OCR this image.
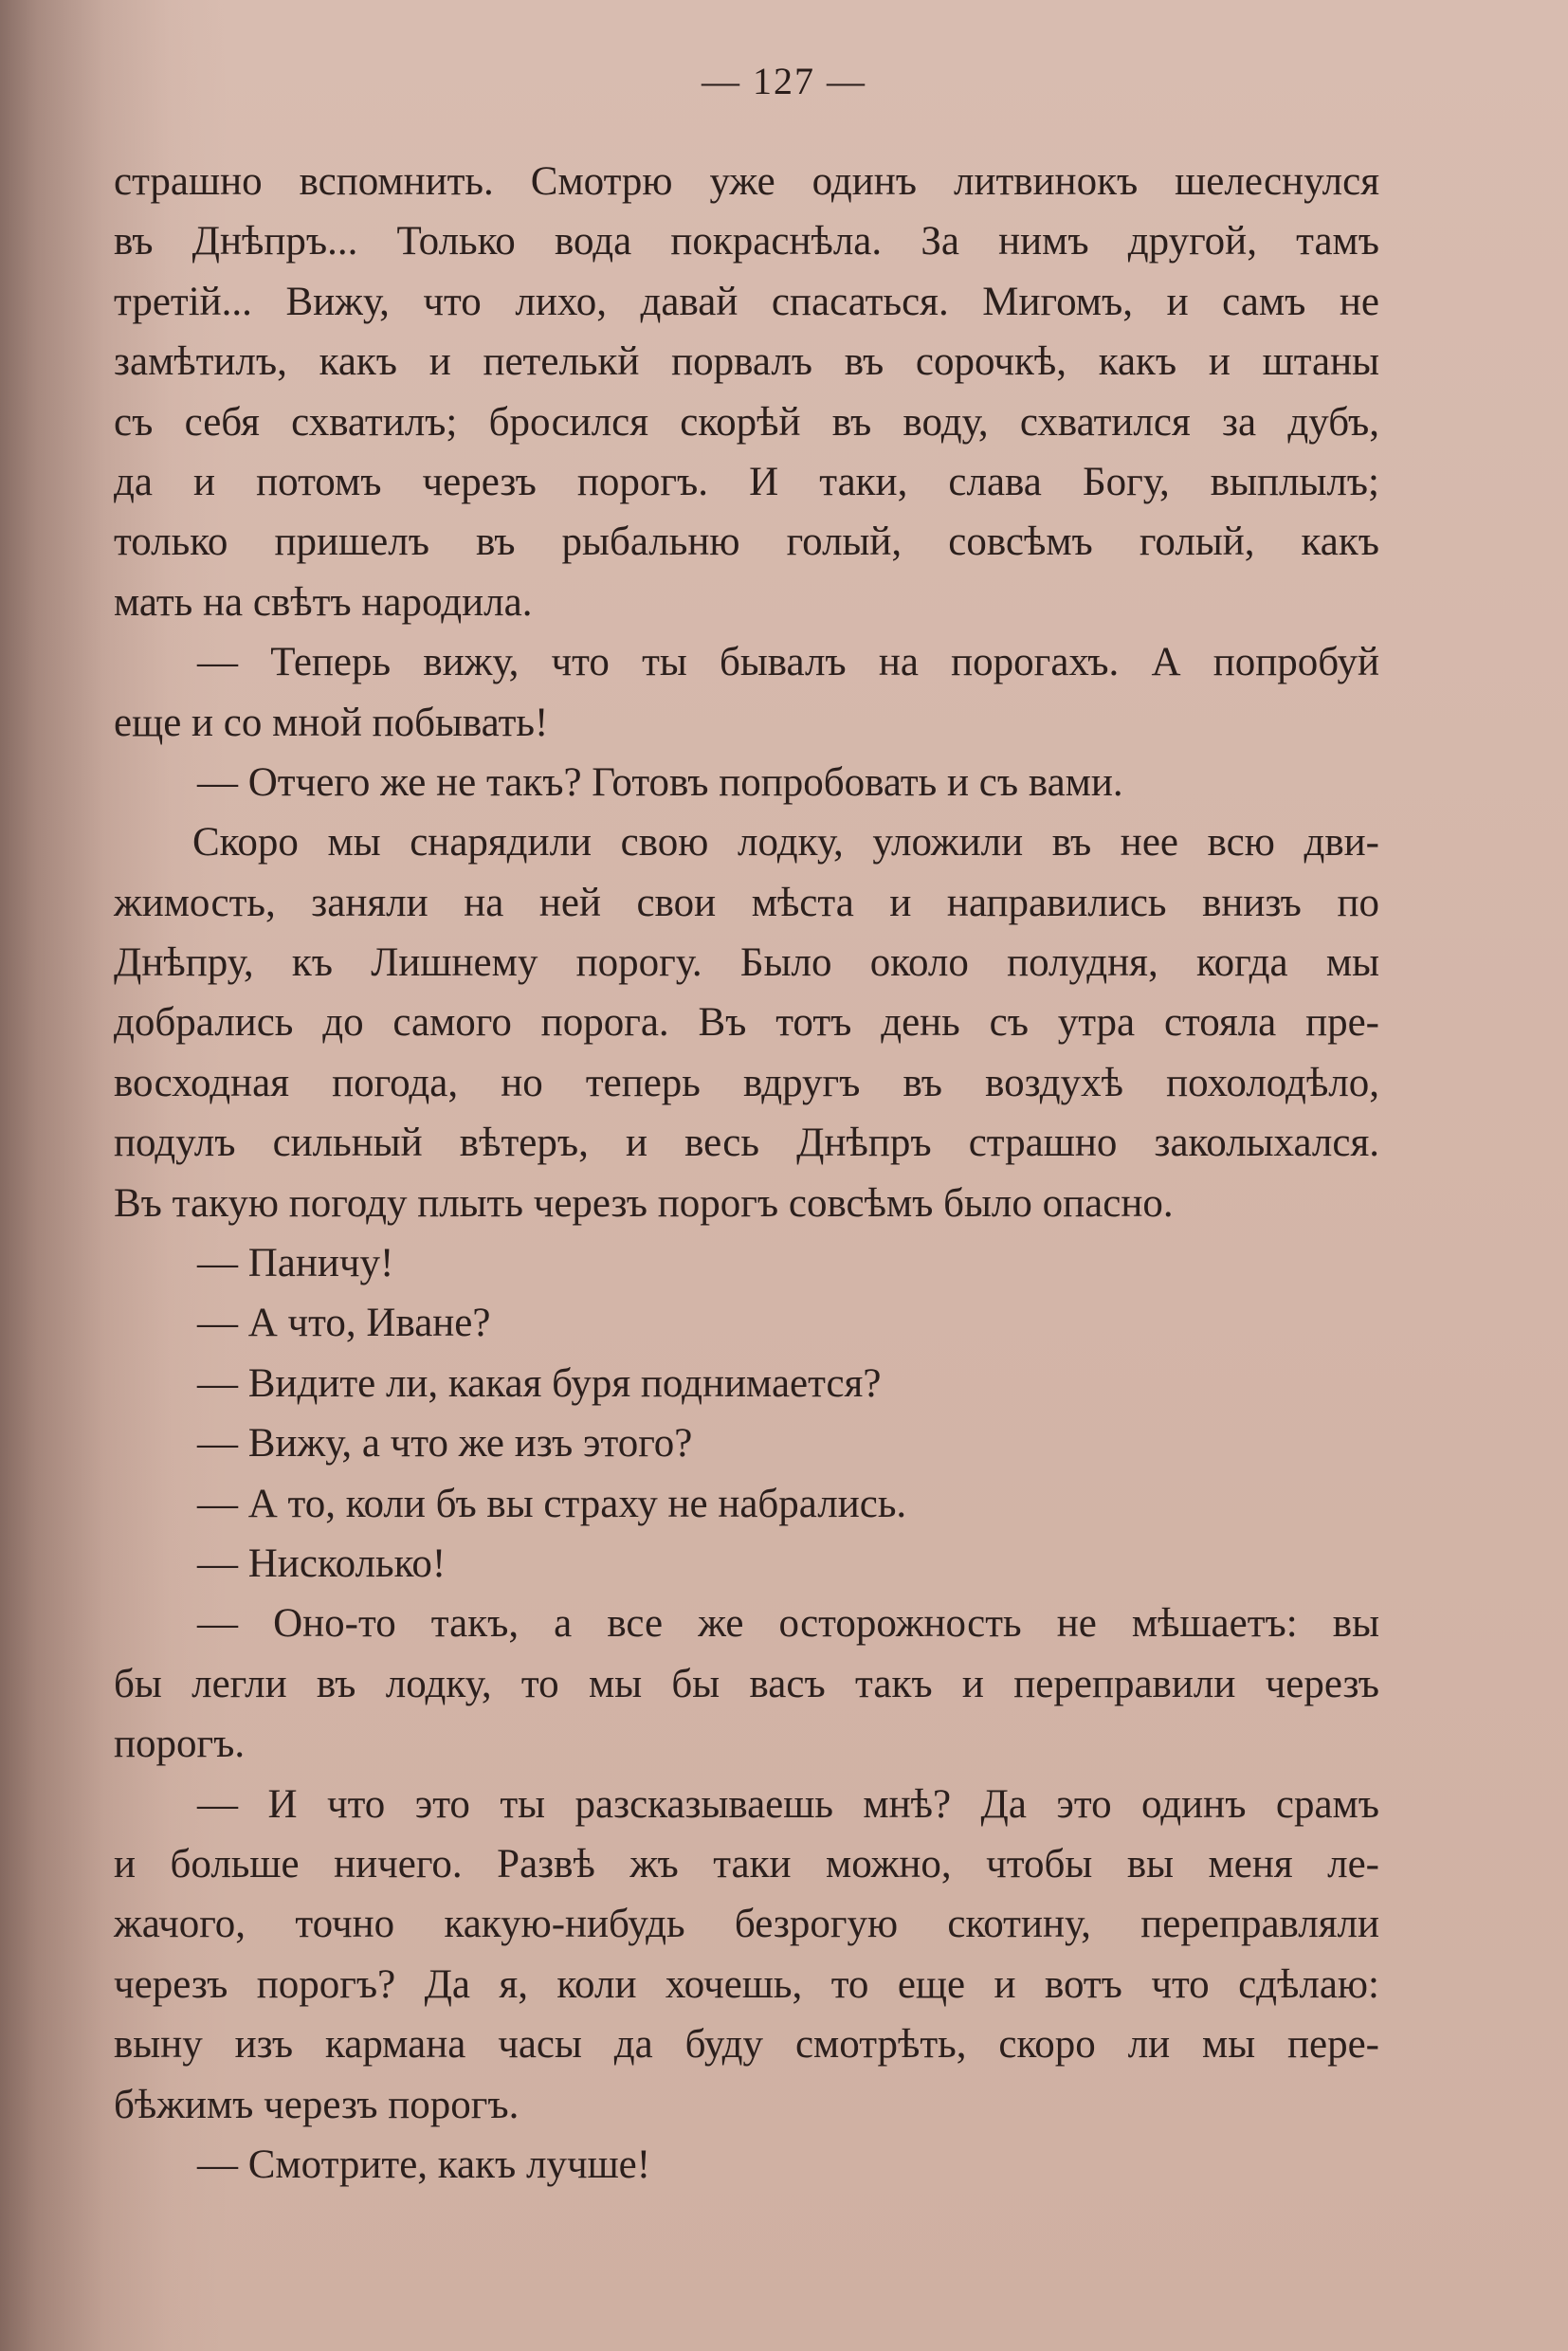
— 127 —
страшно вспомнить. Смотрю уже одинъ литвинокъ шелеснулся
въ Днѣпръ... Только вода покраснѣла. За нимъ другой, тамъ
третій... Вижу, что лихо, давай спасаться. Мигомъ, и самъ не
замѣтилъ, какъ и петелькй порвалъ въ сорочкѣ, какъ и штаны
съ себя схватилъ; бросился скорѣй въ воду, схватился за дубъ,
да и потомъ черезъ порогъ. И таки, слава Богу, выплылъ;
только пришелъ въ рыбальню голый, совсѣмъ голый, какъ
мать на свѣтъ народила.
— Теперь вижу, что ты бывалъ на порогахъ. А попробуй
еще и со мной побывать!
— Отчего же не такъ? Готовъ попробовать и съ вами.
Скоро мы снарядили свою лодку, уложили въ нее всю дви-
жимость, заняли на ней свои мѣста и направились внизъ по
Днѣпру, къ Лишнему порогу. Было около полудня, когда мы
добрались до самого порога. Въ тотъ день съ утра стояла пре-
восходная погода, но теперь вдругъ въ воздухѣ похолодѣло,
подулъ сильный вѣтеръ, и весь Днѣпръ страшно заколыхался.
Въ такую погоду плыть черезъ порогъ совсѣмъ было опасно.
— Паничу!
— А что, Иване?
— Видите ли, какая буря поднимается?
— Вижу, а что же изъ этого?
— А то, коли бъ вы страху не набрались.
— Нисколько!
— Оно-то такъ, а все же осторожность не мѣшаетъ: вы
бы легли въ лодку, то мы бы васъ такъ и переправили черезъ
порогъ.
— И что это ты разсказываешь мнѣ? Да это одинъ срамъ
и больше ничего. Развѣ жъ таки можно, чтобы вы меня ле-
жачого, точно какую-нибудь безрогую скотину, переправляли
черезъ порогъ? Да я, коли хочешь, то еще и вотъ что сдѣлаю:
выну изъ кармана часы да буду смотрѣть, скоро ли мы пере-
бѣжимъ черезъ порогъ.
— Смотрите, какъ лучше!
